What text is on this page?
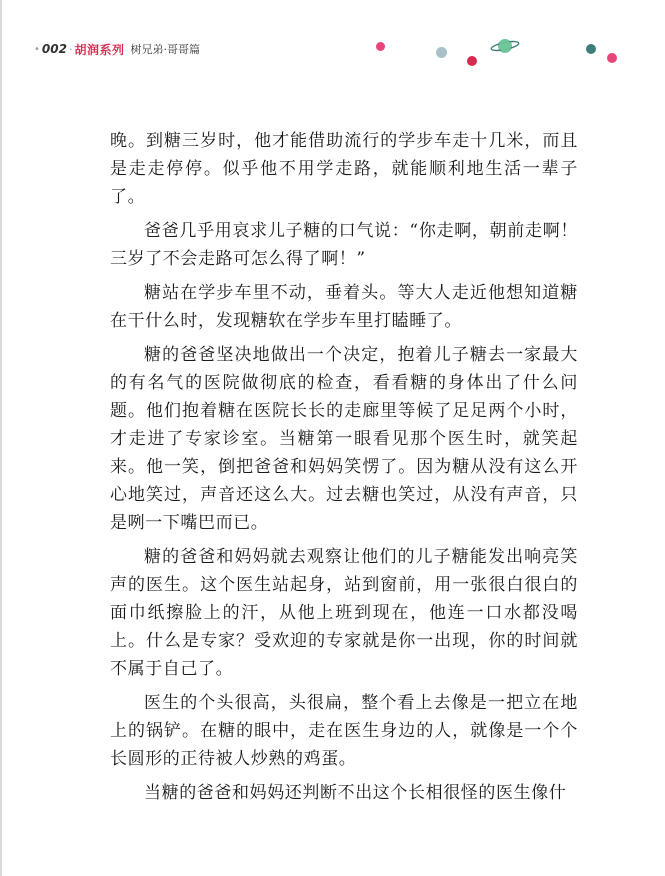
• 002 · 胡润系列 树兄弟·哥哥篇

晚。到糖三岁时，他才能借助流行的学步车走十几米，而且是走走停停。似乎他不用学走路，就能顺利地生活一辈子了。

爸爸几乎用哀求儿子糖的口气说：“你走啊，朝前走啊！三岁了不会走路可怎么得了啊！”

糖站在学步车里不动，垂着头。等大人走近他想知道糖在干什么时，发现糖软在学步车里打瞌睡了。

糖的爸爸坚决地做出一个决定，抱着儿子糖去一家最大的有名气的医院做彻底的检查，看看糖的身体出了什么问题。他们抱着糖在医院长长的走廊里等候了足足两个小时，才走进了专家诊室。当糖第一眼看见那个医生时，就笑起来。他一笑，倒把爸爸和妈妈笑愣了。因为糖从没有这么开心地笑过，声音还这么大。过去糖也笑过，从没有声音，只是咧一下嘴巴而已。

糖的爸爸和妈妈就去观察让他们的儿子糖能发出响亮笑声的医生。这个医生站起身，站到窗前，用一张很白很白的面巾纸擦脸上的汗，从他上班到现在，他连一口水都没喝上。什么是专家？受欢迎的专家就是你一出现，你的时间就不属于自己了。

医生的个头很高，头很扁，整个看上去像是一把立在地上的锅铲。在糖的眼中，走在医生身边的人，就像是一个个长圆形的正待被人炒熟的鸡蛋。

当糖的爸爸和妈妈还判断不出这个长相很怪的医生像什
